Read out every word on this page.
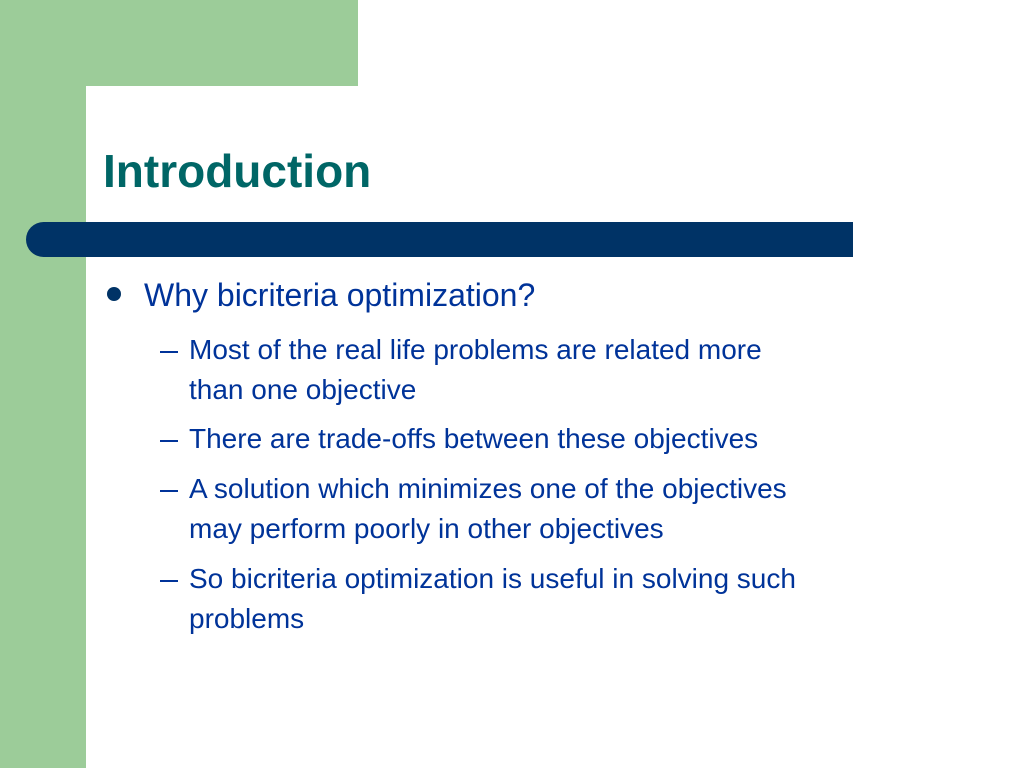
Introduction

Why bicriteria optimization?

Most of the real life problems are related more

than one objective

There are trade-offs between these objectives

A solution which minimizes one of the objectives

may perform poorly in other objectives

So bicriteria optimization is useful in solving such

problems
